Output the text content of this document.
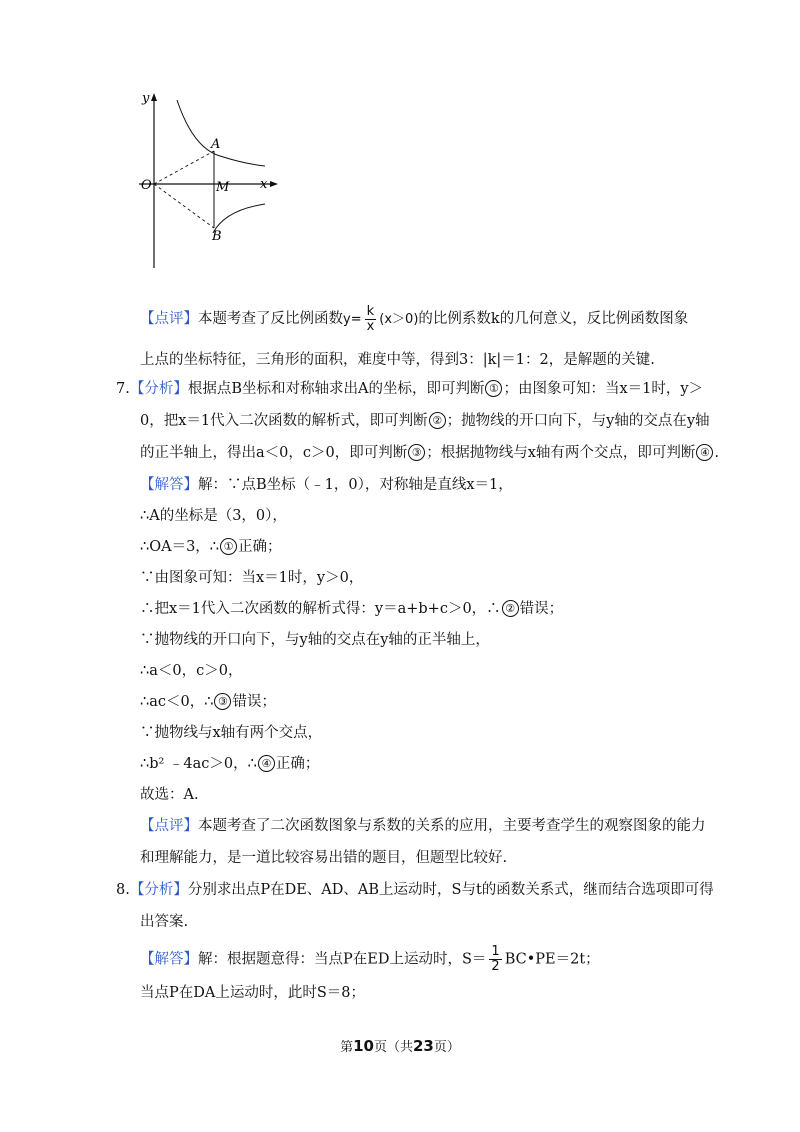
y
x
O
A
M
B
【点评】本题考查了反比例函数$y= \frac{k}{x} (x>0)$的比例系数k的几何意义，反比例函数图象
上点的坐标特征，三角形的面积，难度中等，得到3：|k|＝1：2，是解题的关键.
7.【分析】根据点B坐标和对称轴求出A的坐标，即可判断 ① ；由图象可知：当x＝1时，y＞
0，把x＝1代入二次函数的解析式，即可判断 ② ；抛物线的开口向下，与y轴的交点在y轴
的正半轴上，得出a＜0，c＞0，即可判断 ③ ；根据抛物线与x轴有两个交点，即可判断 ④ .
【解答】解：∵点B坐标（﹣1，0），对称轴是直线x＝1，
∴A的坐标是（3，0），
∴OA＝3，∴ ① 正确；
∵由图象可知：当x＝1时，y＞0，
∴把x＝1代入二次函数的解析式得：y＝a+b+c＞0，∴ ② 错误；
∵抛物线的开口向下，与y轴的交点在y轴的正半轴上，
∴a＜0，c＞0，
∴ac＜0，∴ ③ 错误；
∵抛物线与x轴有两个交点，
∴b² ﹣4ac＞0，∴ ④ 正确；
故选：A.
【点评】本题考查了二次函数图象与系数的关系的应用，主要考查学生的观察图象的能力
和理解能力，是一道比较容易出错的题目，但题型比较好.
8.【分析】分别求出点P在DE、AD、AB上运动时，S与t的函数关系式，继而结合选项即可得
出答案.
【解答】解：根据题意得：当点P在ED上运动时，$S= \frac{1}{2}$ BC•PE＝2t；
当点P在DA上运动时，此时S＝8；
第10页（共23页）
